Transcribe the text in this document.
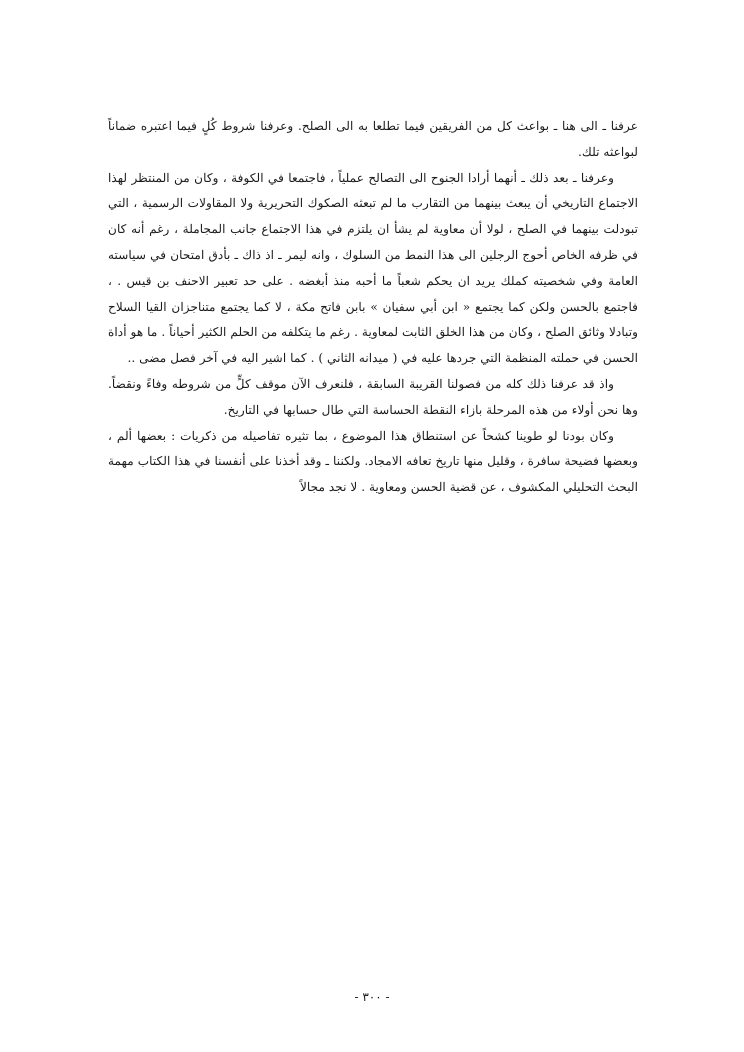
عرفنا ـ الى هنا ـ بواعث كل من الفريقين فيما تطلعا به الى الصلح. وعرفنا شروط كُلٍ فيما اعتبره ضماناً لبواعثه تلك.

وعرفنا ـ بعد ذلك ـ أنهما أرادا الجنوح الى التصالح عملياً ، فاجتمعا في الكوفة ، وكان من المنتظر لهذا الاجتماع التاريخي أن يبعث بينهما من التقارب ما لم تبعثه الصكوك التحريرية ولا المقاولات الرسمية ، التي تبودلت بينهما في الصلح ، لولا أن معاوية لم يشأ ان يلتزم في هذا الاجتماع جانب المجاملة ، رغم أنه كان في ظرفه الخاص أحوج الرجلين الى هذا النمط من السلوك ، وانه ليمر ـ اذ ذاك ـ بأدق امتحان في سياسته العامة وفي شخصيته كملك يريد ان يحكم شعباً ما أحبه منذ أبغضه . على حد تعبير الاحنف بن قيس . ، فاجتمع بالحسن ولكن كما يجتمع « ابن أبي سفيان » بابن فاتح مكة ، لا كما يجتمع متناجزان القيا السلاح وتبادلا وثائق الصلح ، وكان من هذا الخلق الثابت لمعاوية . رغم ما يتكلفه من الحلم الكثير أحياناً . ما هو أداة الحسن في حملته المنظمة التي جردها عليه في ( ميدانه الثاني ) . كما اشير اليه في آخر فصل مضى ..

واذ قد عرفنا ذلك كله من فصولنا القريبة السابقة ، فلنعرف الآن موقف كلٍّ من شروطه وفاءً ونقضاً. وها نحن أولاء من هذه المرحلة بازاء النقطة الحساسة التي طال حسابها في التاريخ.

وكان بودنا لو طوينا كشحاً عن استنطاق هذا الموضوع ، بما تثيره تفاصيله من ذكريات : بعضها ألم ، وبعضها فضيحة سافرة ، وقليل منها تاريخ تعافه الامجاد. ولكننا ـ وقد أخذنا على أنفسنا في هذا الكتاب مهمة البحث التحليلي المكشوف ، عن قضية الحسن ومعاوية . لا نجد مجالاً

- ٣٠٠ -
